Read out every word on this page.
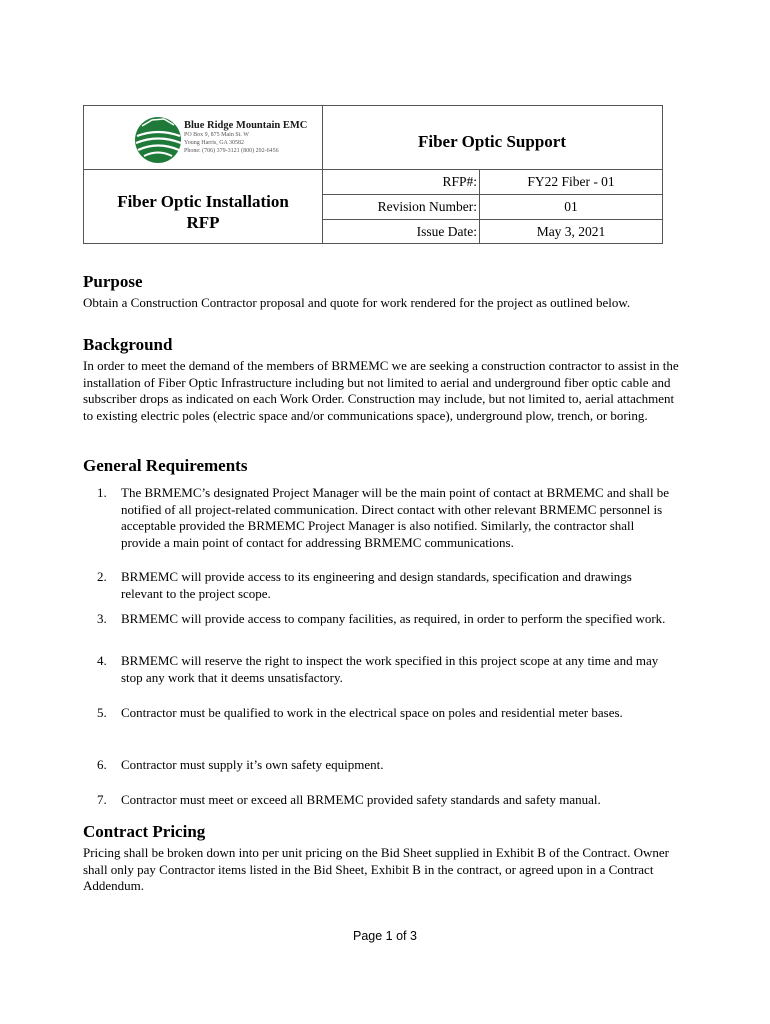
Blue Ridge Mountain EMC
PO Box 9, 875 Main St. W
Young Harris, GA 30582
Phone: (706) 379-3121 (800) 292-6456	Fiber Optic Support
Fiber Optic Installation
RFP
RFP#:	FY22 Fiber - 01
Revision Number:	01
Issue Date:	May 3, 2021
Purpose

Obtain a Construction Contractor proposal and quote for work rendered for the project as outlined below.

Background

In order to meet the demand of the members of BRMEMC we are seeking a construction contractor to assist in the installation of Fiber Optic Infrastructure including but not limited to aerial and underground fiber optic cable and subscriber drops as indicated on each Work Order. Construction may include, but not limited to, aerial attachment to existing electric poles (electric space and/or communications space), underground plow, trench, or boring.

General Requirements
1. The BRMEMC’s designated Project Manager will be the main point of contact at BRMEMC and shall be notified of all project-related communication. Direct contact with other relevant BRMEMC personnel is acceptable provided the BRMEMC Project Manager is also notified. Similarly, the contractor shall provide a main point of contact for addressing BRMEMC communications.
2. BRMEMC will provide access to its engineering and design standards, specification and drawings relevant to the project scope.
3. BRMEMC will provide access to company facilities, as required, in order to perform the specified work.
4. BRMEMC will reserve the right to inspect the work specified in this project scope at any time and may stop any work that it deems unsatisfactory.
5. Contractor must be qualified to work in the electrical space on poles and residential meter bases.
6. Contractor must supply it’s own safety equipment.
7. Contractor must meet or exceed all BRMEMC provided safety standards and safety manual.
Contract Pricing

Pricing shall be broken down into per unit pricing on the Bid Sheet supplied in Exhibit B of the Contract. Owner shall only pay Contractor items listed in the Bid Sheet, Exhibit B in the contract, or agreed upon in a Contract Addendum.

Page 1 of 3
